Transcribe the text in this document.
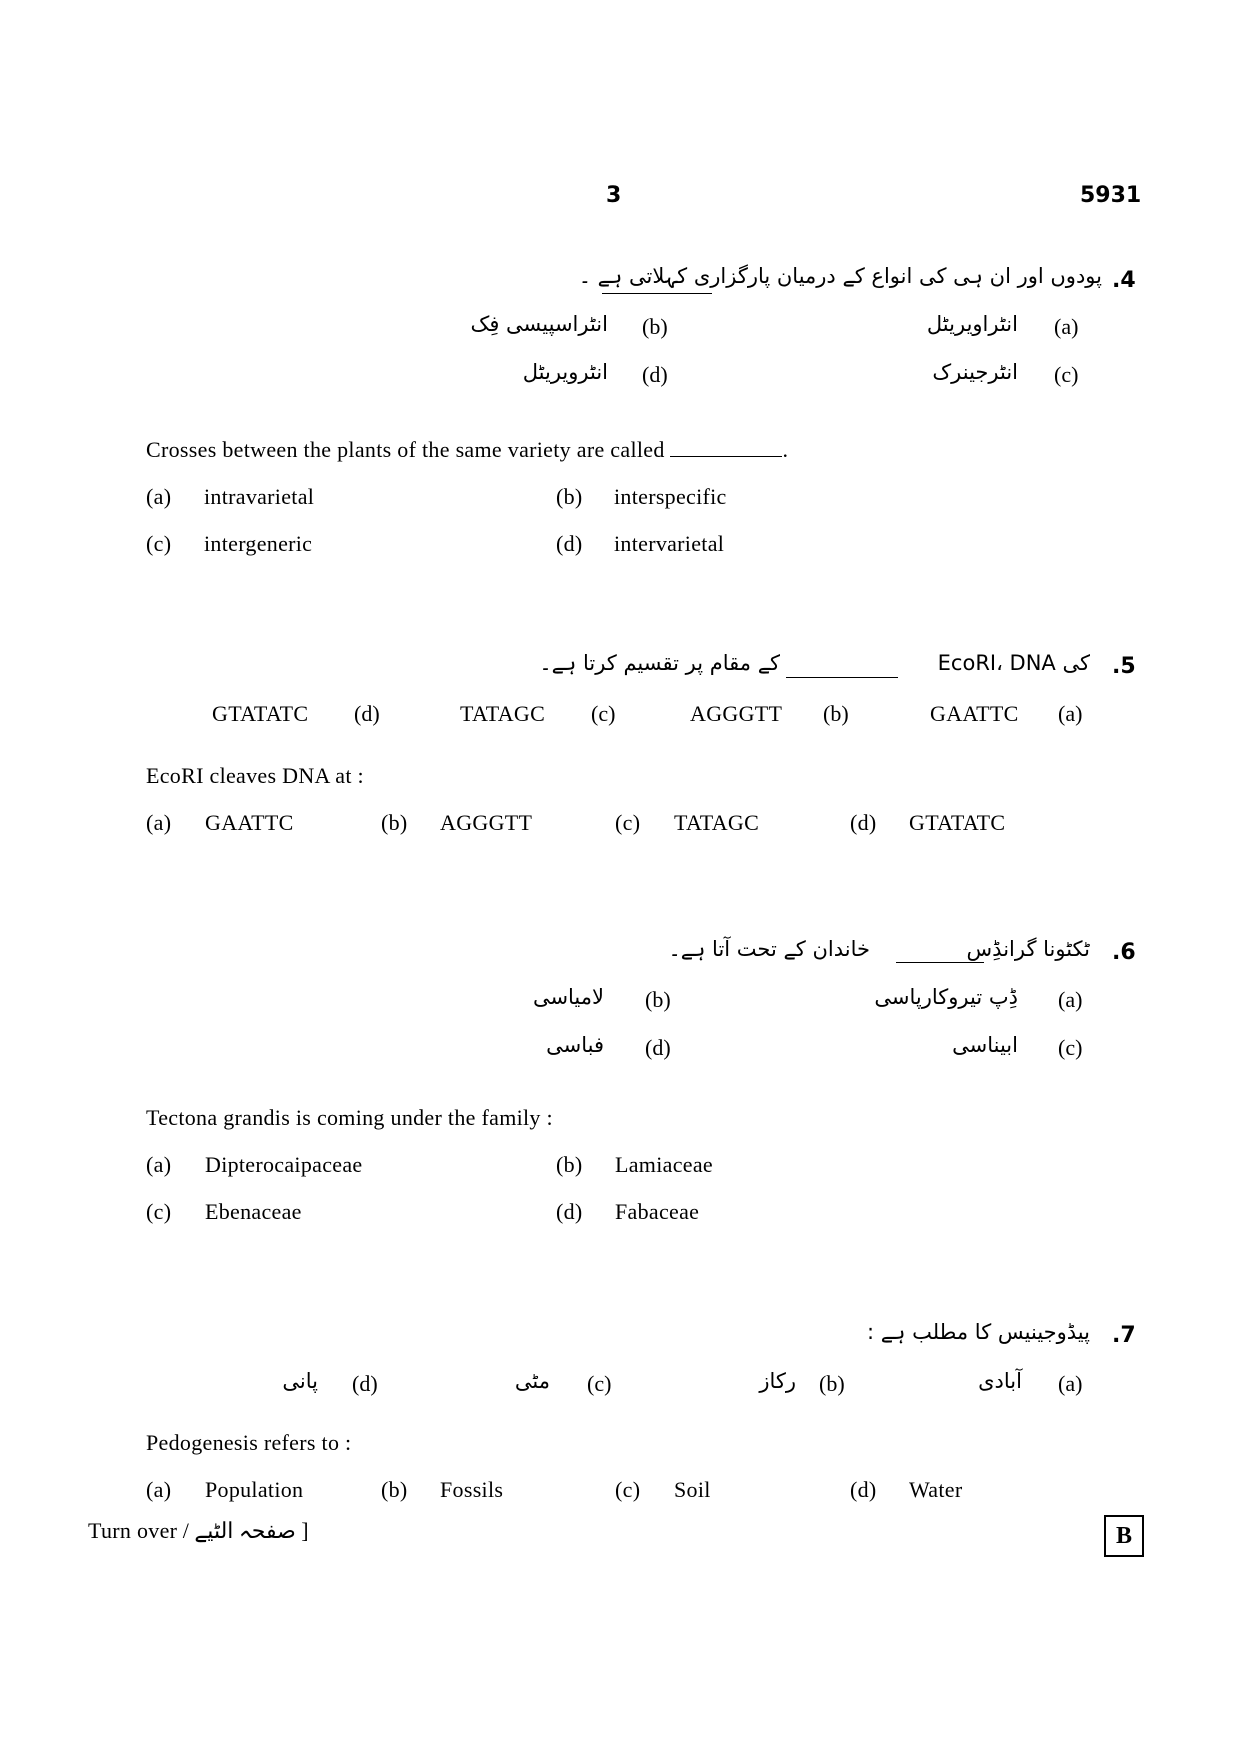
3	5931
.4
پودوں اور ان ہی کی انواع کے درمیان پارگزاری کہلاتی ہے ۔
(a)
انٹراویریٹل
(b)
انٹراسپیسی فِک
(c)
انٹرجینرک
(d)
انٹرویریٹل
Crosses between the plants of the same variety are called	.
(a) intravarietal	(b) interspecific
(c) intergeneric	(d) intervarietal
.5
EcoRI، DNA کی
کے مقام پر تقسیم کرتا ہے۔
(a)
GAATTC
(b)
AGGGTT
(c)
TATAGC
(d)
GTATATC
EcoRI cleaves DNA at :
(a) GAATTC	(b) AGGGTT	(c) TATAGC	(d) GTATATC
.6
ٹکٹونا گرانڈِس
خاندان کے تحت آتا ہے۔
(a)
ڈِپ تیروکارپاسی
(b)
لامیاسی
(c)
ابیناسی
(d)
فباسی
Tectona grandis is coming under the family :
(a) Dipterocaipaceae	(b) Lamiaceae
(c) Ebenaceae	(d) Fabaceae
.7
پیڈوجینیس کا مطلب ہے :
(a)
آبادی
(b)
رکاز
(c)
مٹی
(d)
پانی
Pedogenesis refers to :
(a) Population	(b) Fossils	(c) Soil	(d) Water
[ صفحہ الٹیے / Turn over	B
